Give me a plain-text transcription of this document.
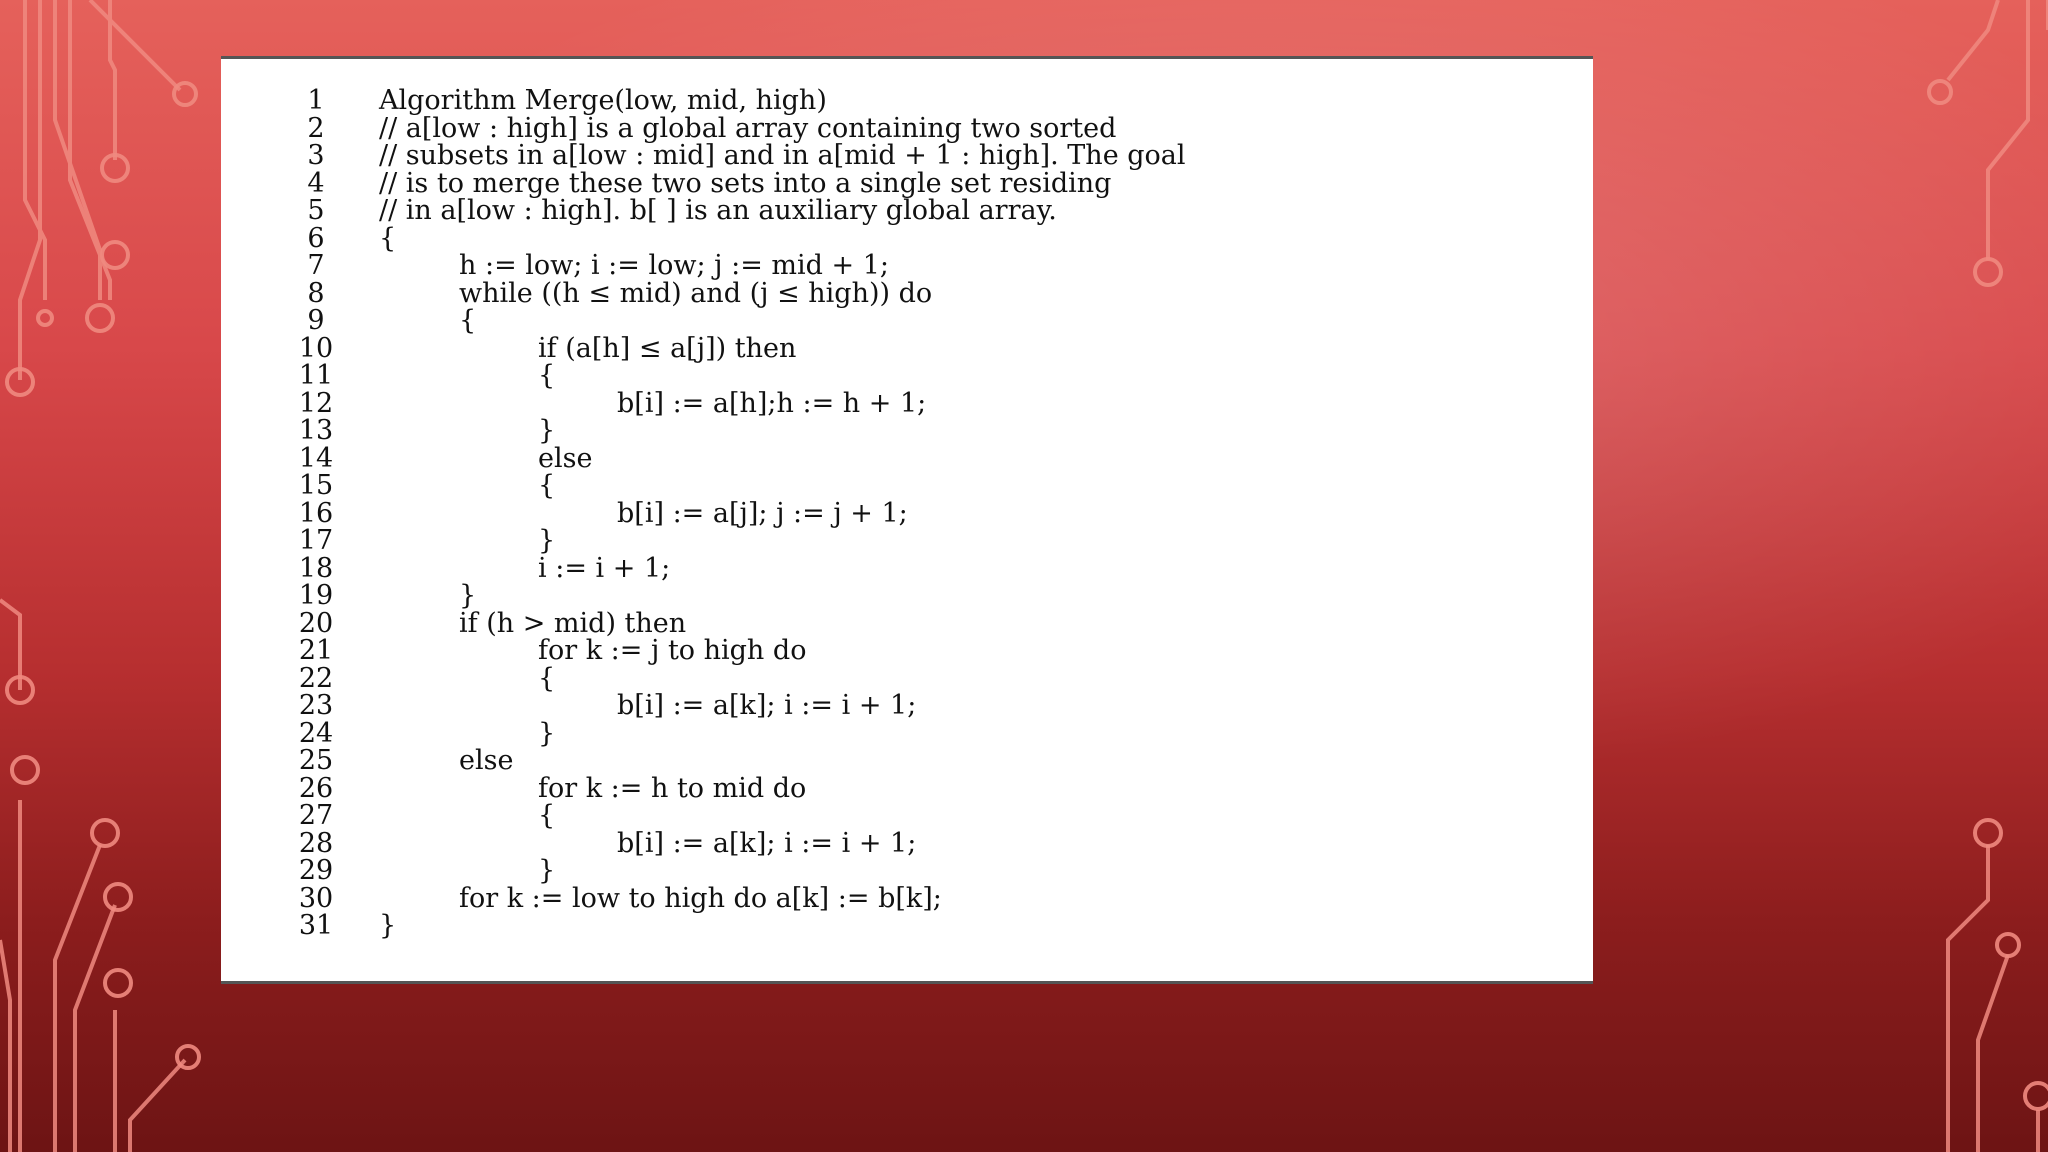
1	Algorithm Merge(low, mid, high)
2	// a[low : high] is a global array containing two sorted
3	// subsets in a[low : mid] and in a[mid + 1 : high]. The goal
4	// is to merge these two sets into a single set residing
5	// in a[low : high]. b[ ] is an auxiliary global array.
6	{
7	h := low; i := low; j := mid + 1;
8	while ((h ≤ mid) and (j ≤ high)) do
9	{
10	if (a[h] ≤ a[j]) then
11	{
12	b[i] := a[h];h := h + 1;
13	}
14	else
15	{
16	b[i] := a[j]; j := j + 1;
17	}
18	i := i + 1;
19	}
20	if (h > mid) then
21	for k := j to high do
22	{
23	b[i] := a[k]; i := i + 1;
24	}
25	else
26	for k := h to mid do
27	{
28	b[i] := a[k]; i := i + 1;
29	}
30	for k := low to high do a[k] := b[k];
31 }
